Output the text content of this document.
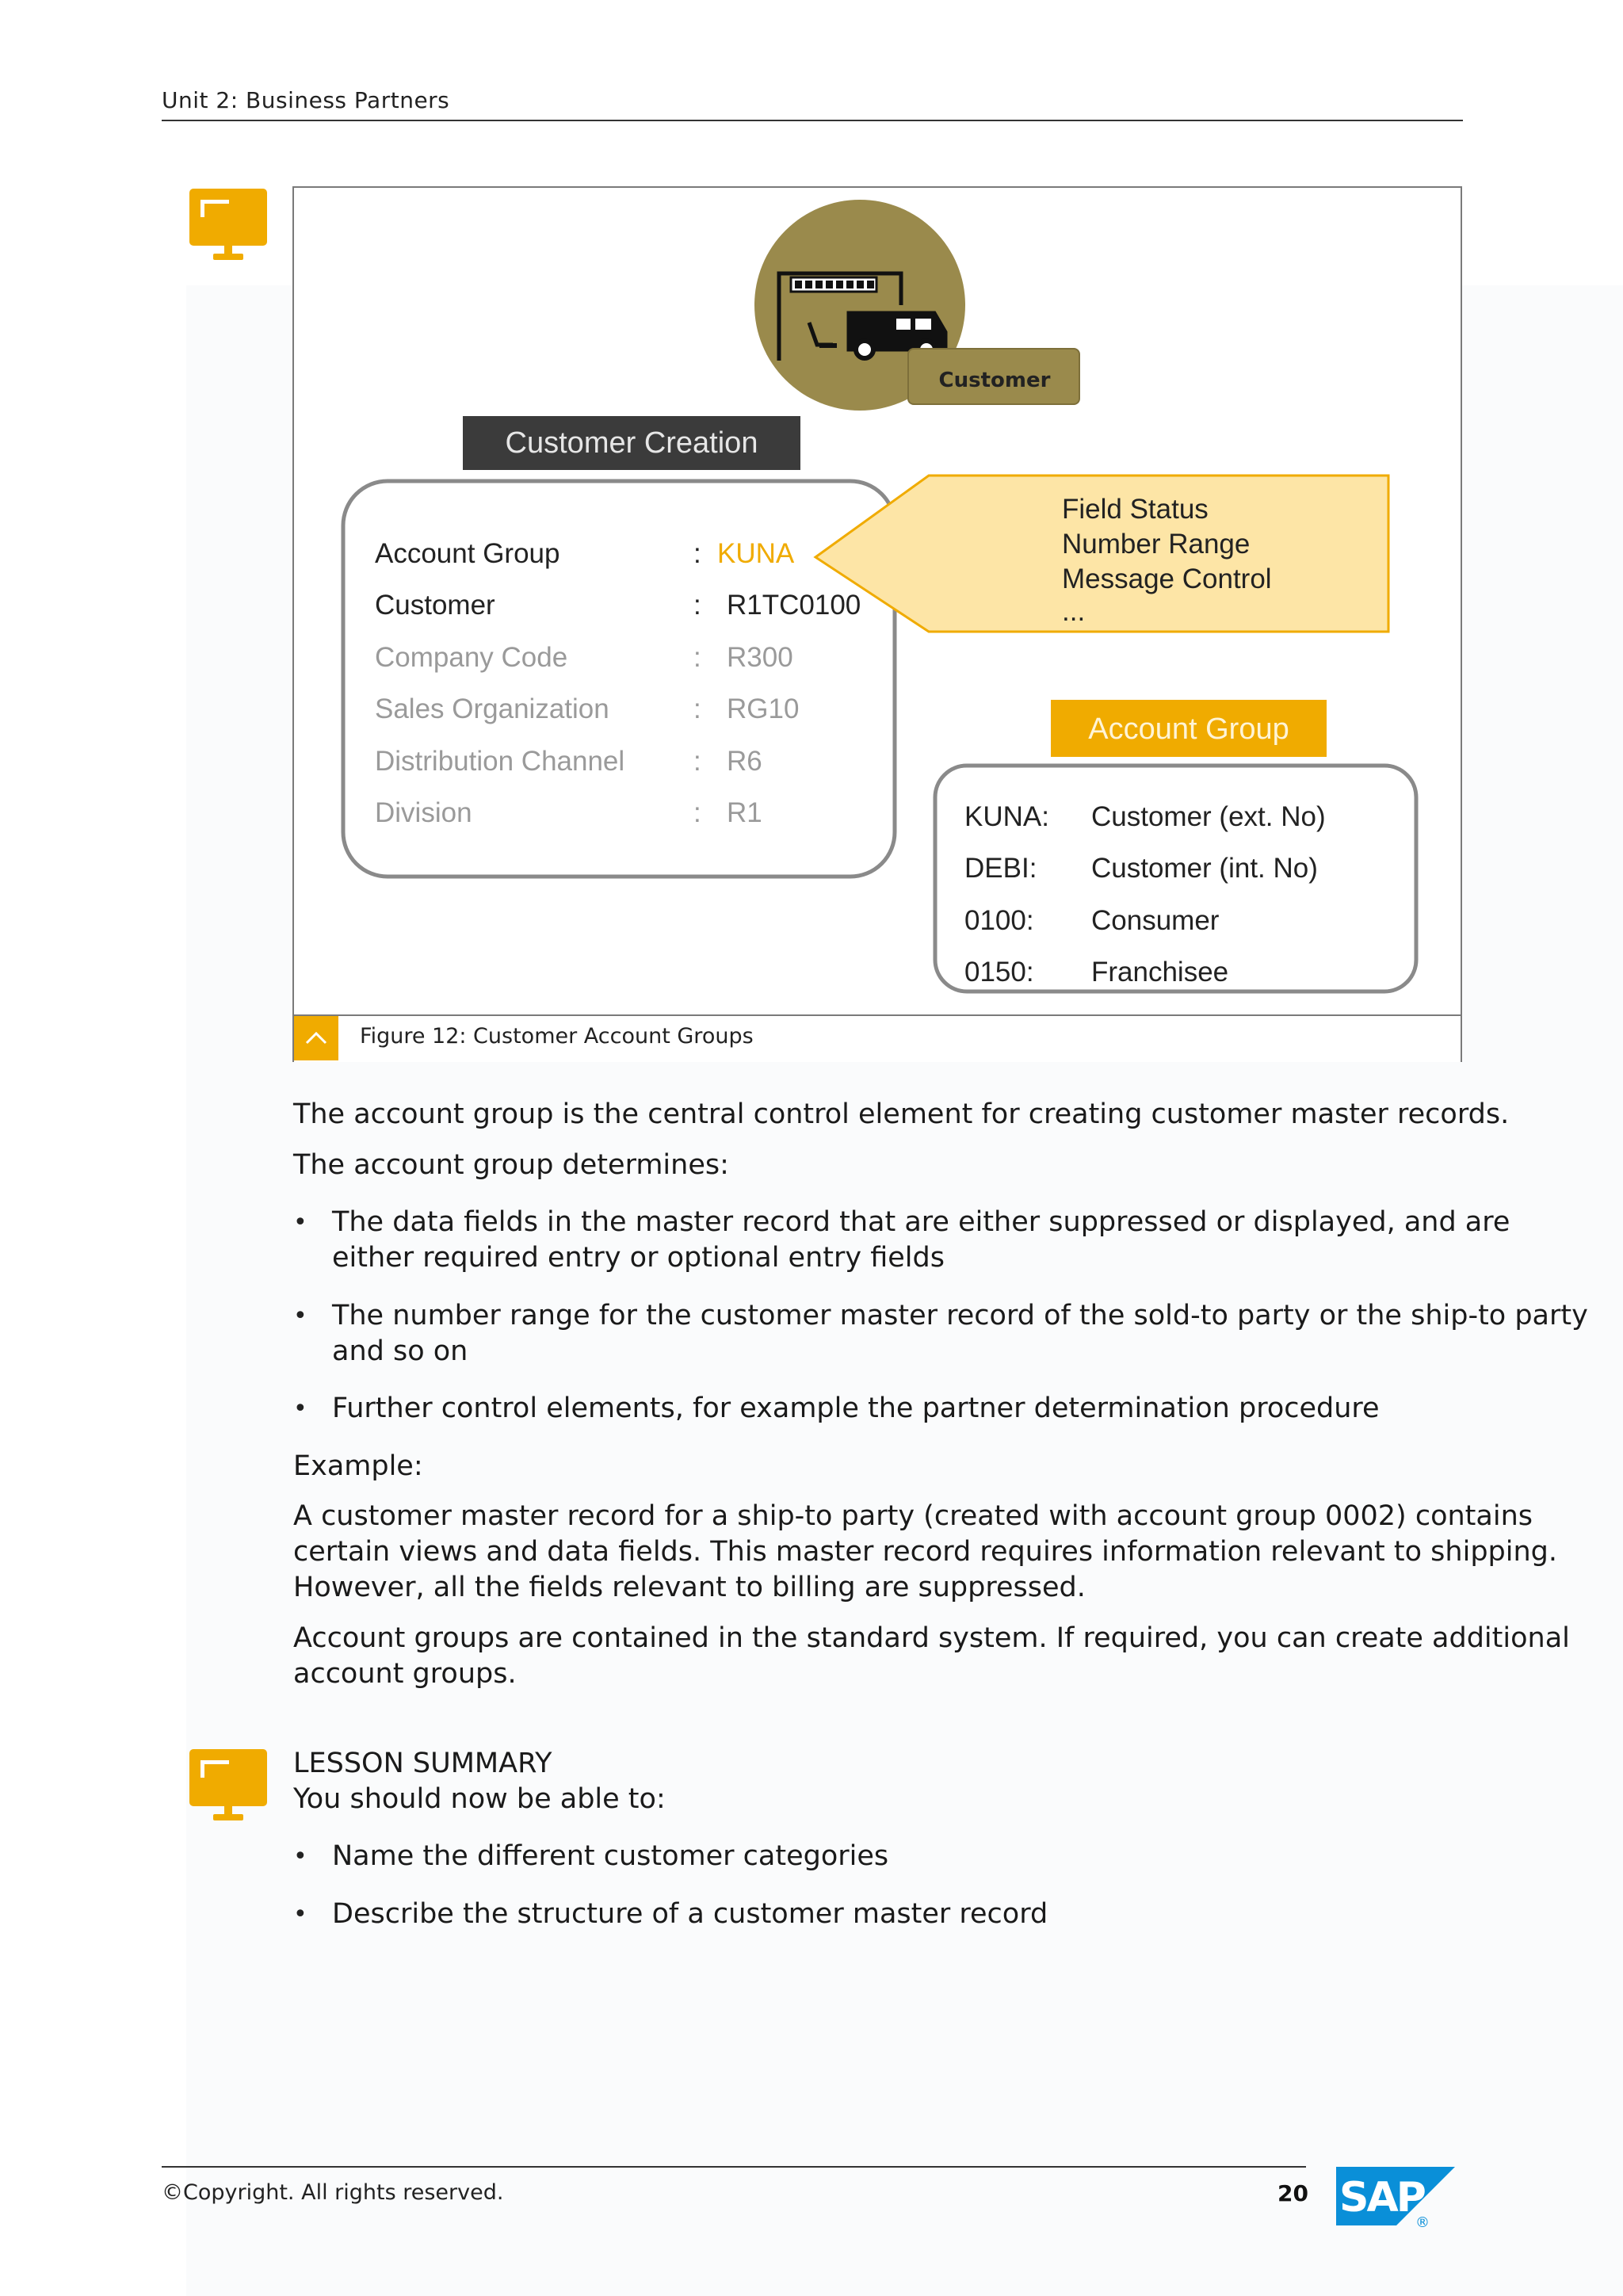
Unit 2: Business Partners
Customer
Customer Creation
Account Group	: KUNA
Customer	: R1TC0100
Company Code	: R300
Sales Organization	: RG10
Distribution Channel : R6
Division	: R1
Field Status
Number Range
Message Control
...
Account Group
KUNA: Customer (ext. No)
DEBI: Customer (int. No)
0100: Consumer
0150: Franchisee
Figure 12: Customer Account Groups
The account group is the central control element for creating customer master records.
The account group determines:
• The data fields in the master record that are either suppressed or displayed, and are either required entry or optional entry fields
• The number range for the customer master record of the sold-to party or the ship-to party and so on
• Further control elements, for example the partner determination procedure
Example:
A customer master record for a ship-to party (created with account group 0002) contains certain views and data fields. This master record requires information relevant to shipping. However, all the fields relevant to billing are suppressed.
Account groups are contained in the standard system. If required, you can create additional account groups.
LESSON SUMMARY
You should now be able to:
• Name the different customer categories
• Describe the structure of a customer master record
©Copyright. All rights reserved.	20 SAP
®
